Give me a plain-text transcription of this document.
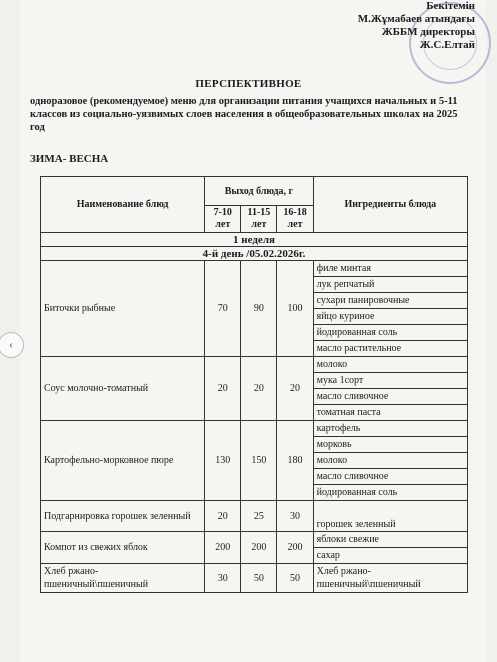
‹
Бекітемін
М.Жұмабаев атындағы
ЖББМ директоры
Ж.С.Елтай
ПЕРСПЕКТИВНОЕ
одноразовое (рекомендуемое) меню для организации питания учащихся начальных и 5-11 классов из социально-уязвимых слоев населения в общеобразовательных школах на 2025 год
ЗИМА- ВЕСНА
Наименование блюд	Выход блюда, г			Ингредиенты блюда
	7-10 лет	11-15 лет	16-18 лет	
1 неделя				
4-й день /05.02.2026г.				
Биточки рыбные	70	90	100	филе минтая
				лук репчатый
				сухари панировочные
				яйцо куриное
				йодированная соль
				масло растительное
Соус молочно-томатный	20	20	20	молоко
				мука 1сорт
				масло сливочное
				томатная паста
Картофельно-морковное пюре	130	150	180	картофель
				морковь
				молоко
				масло сливочное
				йодированная соль
Подгарнировка горошек зеленный	20	25	30	горошек зеленный
Компот из свежих яблок	200	200	200	яблоки свежие
				сахар
Хлеб ржано-пшеничный\пшеничный	30	50	50	Хлеб ржано-пшеничный\пшеничный
